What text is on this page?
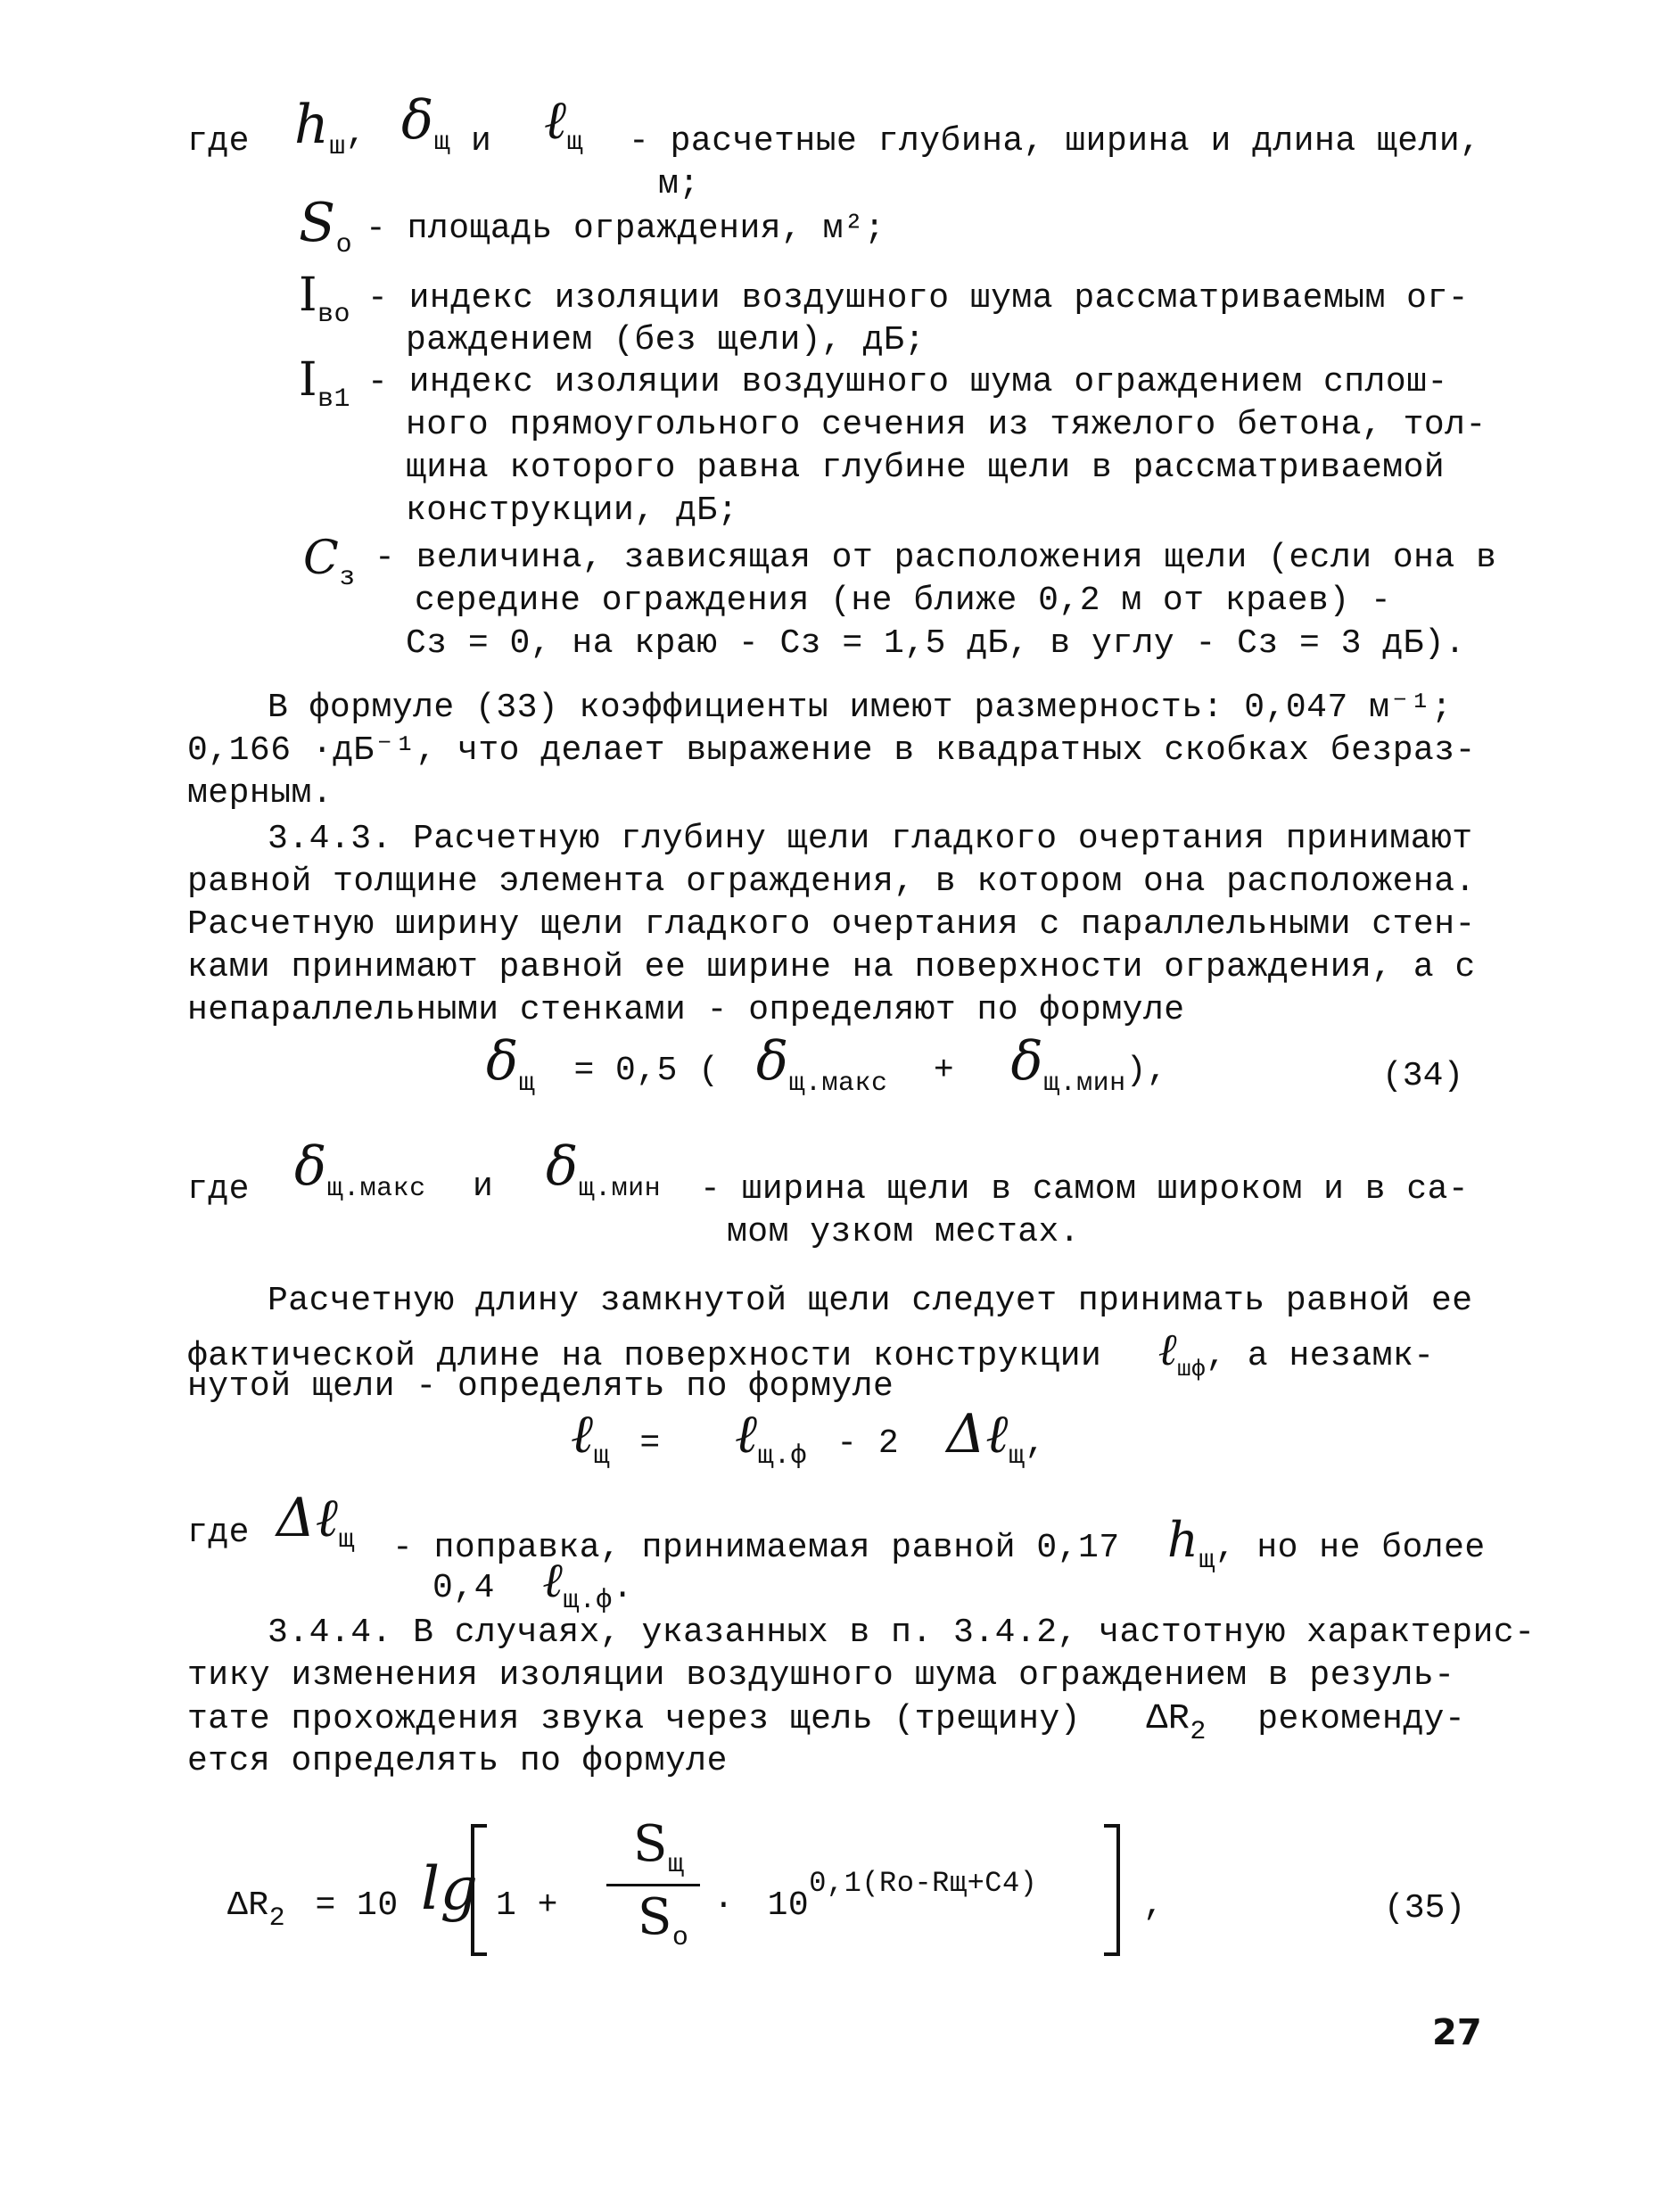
где $h_ш$, $\delta_щ$ и ℓ$_щ$ - расчетные глубина, ширина и длина щели,
м;
$S_о$ - площадь ограждения, м²;
$I_{во}$ - индекс изоляции воздушного шума рассматриваемым ог-
раждением (без щели), дБ;
$I_{в1}$ - индекс изоляции воздушного шума ограждением сплош-
ного прямоугольного сечения из тяжелого бетона, тол-
щина которого равна глубине щели в рассматриваемой
конструкции, дБ;
$C_з$
- величина, зависящая от расположения щели (если она в
середине ограждения (не ближе 0,2 м от краев) -
Cз = 0, на краю - Cз = 1,5 дБ, в углу - Cз = 3 дБ).
В формуле (33) коэффициенты имеют размерность: 0,047 м⁻¹;
0,166 ·дБ⁻¹, что делает выражение в квадратных скобках безраз-
мерным.
3.4.3. Расчетную глубину щели гладкого очертания принимают
равной толщине элемента ограждения, в котором она расположена.
Расчетную ширину щели гладкого очертания с параллельными стен-
ками принимают равной ее ширине на поверхности ограждения, а с
непараллельными стенками - определяют по формуле
$\delta_щ = 0,5$ ( $\delta_{щ.макс} + \delta_{щ.мин}$),	(34)
где $\delta_{щ.макс}$ и $\delta_{щ.мин}$ - ширина щели в самом широком и в са-
мом узком местах.
Расчетную длину замкнутой щели следует принимать равной ее
фактической длине на поверхности конструкции ℓ$_{шф}$, а незамк-
нутой щели - определять по формуле
ℓ$_щ$ = ℓ$_{щ.ф}$ - 2 Δℓ$_щ$,
где Δℓ$_щ$ - поправка, принимаемая равной 0,17 $h_щ$, но не более
0,4 ℓ$_{щ.ф}$.
3.4.4. В случаях, указанных в п. 3.4.2, частотную характерис-
тику изменения изоляции воздушного шума ограждением в резуль-
тате прохождения звука через щель (трещину) $\Delta R_2$ рекоменду-
ется определять по формуле
$\Delta R_2 = 10$ lg 1 +
$S_щ$
$S_о$
· $10^{0,1(Rо-Rщ+C4)}$
,	(35)
27
